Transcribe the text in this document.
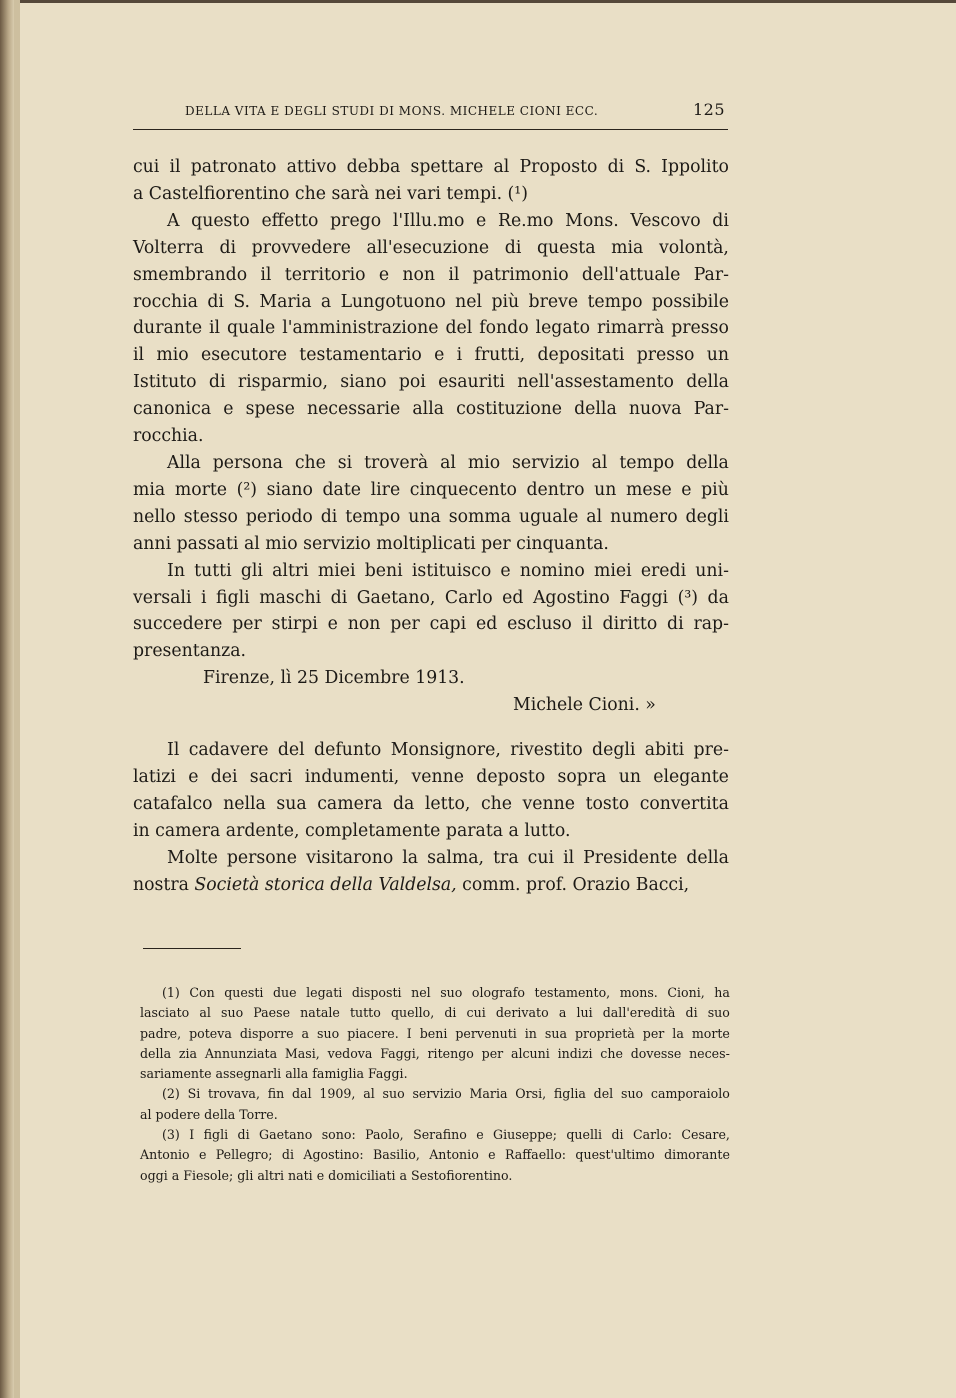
DELLA VITA E DEGLI STUDI DI MONS. MICHELE CIONI ECC.	125
cui il patronato attivo debba spettare al Proposto di S. Ippolito
a Castelfiorentino che sarà nei vari tempi. (¹)
A questo effetto prego l'Illu.mo e Re.mo Mons. Vescovo di
Volterra di provvedere all'esecuzione di questa mia volontà,
smembrando il territorio e non il patrimonio dell'attuale Par-
rocchia di S. Maria a Lungotuono nel più breve tempo possibile
durante il quale l'amministrazione del fondo legato rimarrà presso
il mio esecutore testamentario e i frutti, depositati presso un
Istituto di risparmio, siano poi esauriti nell'assestamento della
canonica e spese necessarie alla costituzione della nuova Par-
rocchia.
Alla persona che si troverà al mio servizio al tempo della
mia morte (²) siano date lire cinquecento dentro un mese e più
nello stesso periodo di tempo una somma uguale al numero degli
anni passati al mio servizio moltiplicati per cinquanta.
In tutti gli altri miei beni istituisco e nomino miei eredi uni-
versali i figli maschi di Gaetano, Carlo ed Agostino Faggi (³) da
succedere per stirpi e non per capi ed escluso il diritto di rap-
presentanza.
Firenze, lì 25 Dicembre 1913.
Michele Cioni. »
Il cadavere del defunto Monsignore, rivestito degli abiti pre-
latizi e dei sacri indumenti, venne deposto sopra un elegante
catafalco nella sua camera da letto, che venne tosto convertita
in camera ardente, completamente parata a lutto.
Molte persone visitarono la salma, tra cui il Presidente della
nostra Società storica della Valdelsa, comm. prof. Orazio Bacci,
(1) Con questi due legati disposti nel suo olografo testamento, mons. Cioni, ha
lasciato al suo Paese natale tutto quello, di cui derivato a lui dall'eredità di suo
padre, poteva disporre a suo piacere. I beni pervenuti in sua proprietà per la morte
della zia Annunziata Masi, vedova Faggi, ritengo per alcuni indizi che dovesse neces-
sariamente assegnarli alla famiglia Faggi.
(2) Si trovava, fin dal 1909, al suo servizio Maria Orsi, figlia del suo camporaiolo
al podere della Torre.
(3) I figli di Gaetano sono: Paolo, Serafino e Giuseppe; quelli di Carlo: Cesare,
Antonio e Pellegro; di Agostino: Basilio, Antonio e Raffaello: quest'ultimo dimorante
oggi a Fiesole; gli altri nati e domiciliati a Sestofiorentino.
